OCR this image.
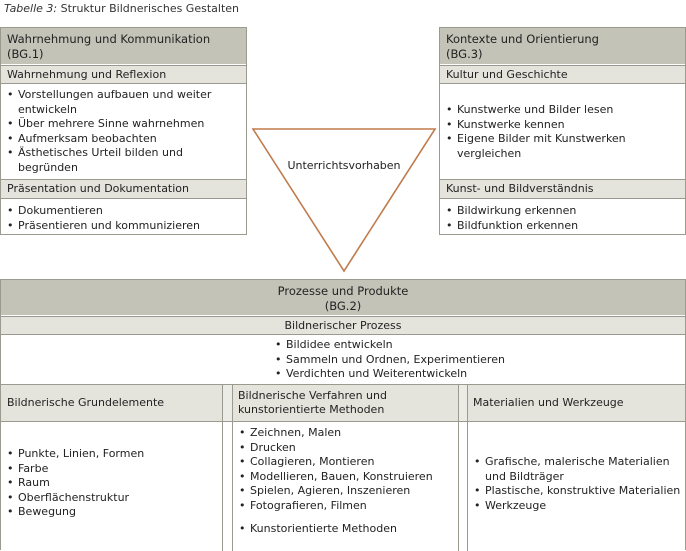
Tabelle 3: Struktur Bildnerisches Gestalten
Unterrichtsvorhaben
Wahrnehmung und Kommunikation
(BG.1)
Wahrnehmung und Reflexion
• Vorstellungen aufbauen und weiter entwickeln
• Über mehrere Sinne wahrnehmen
• Aufmerksam beobachten
• Ästhetisches Urteil bilden und begründen
Präsentation und Dokumentation
• Dokumentieren
• Präsentieren und kommunizieren
Kontexte und Orientierung
(BG.3)
Kultur und Geschichte
• Kunstwerke und Bilder lesen
• Kunstwerke kennen
• Eigene Bilder mit Kunstwerken vergleichen
Kunst- und Bildverständnis
• Bildwirkung erkennen
• Bildfunktion erkennen
Prozesse und Produkte
(BG.2)
Bildnerischer Prozess
• Bildidee entwickeln
• Sammeln und Ordnen, Experimentieren
• Verdichten und Weiterentwickeln
Bildnerische Grundelemente
Bildnerische Verfahren und kunstorientierte Methoden
Materialien und Werkzeuge
• Punkte, Linien, Formen
• Farbe
• Raum
• Oberflächenstruktur
• Bewegung
• Zeichnen, Malen
• Drucken
• Collagieren, Montieren
• Modellieren, Bauen, Konstruieren
• Spielen, Agieren, Inszenieren
• Fotografieren, Filmen
• Kunstorientierte Methoden
• Grafische, malerische Materialien und Bildträger
• Plastische, konstruktive Materialien
• Werkzeuge
